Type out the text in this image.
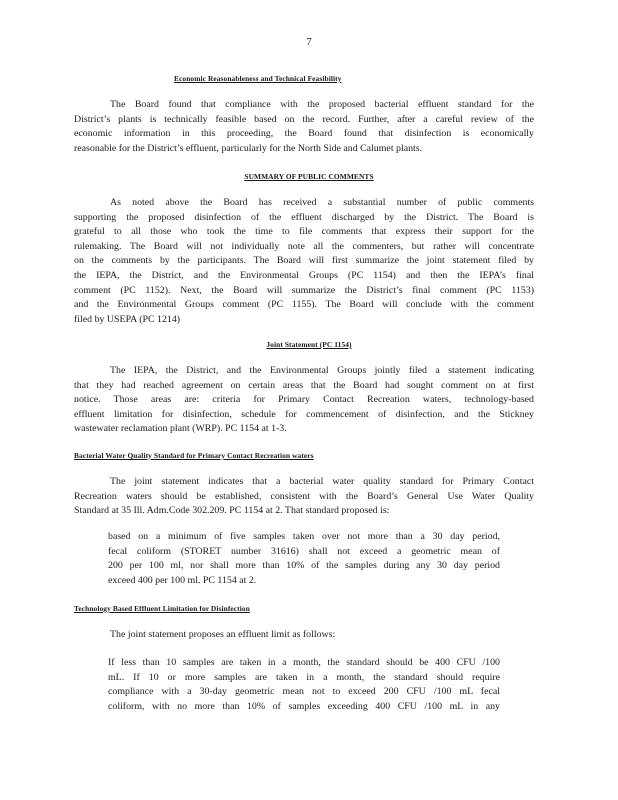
7
Economic Reasonableness and Technical Feasibility
The Board found that compliance with the proposed bacterial effluent standard for the
District’s plants is technically feasible based on the record. Further, after a careful review of the
economic information in this proceeding, the Board found that disinfection is economically
reasonable for the District’s effluent, particularly for the North Side and Calumet plants.
SUMMARY OF PUBLIC COMMENTS
As noted above the Board has received a substantial number of public comments
supporting the proposed disinfection of the effluent discharged by the District. The Board is
grateful to all those who took the time to file comments that express their support for the
rulemaking. The Board will not individually note all the commenters, but rather will concentrate
on the comments by the participants. The Board will first summarize the joint statement filed by
the IEPA, the District, and the Environmental Groups (PC 1154) and then the IEPA’s final
comment (PC 1152). Next, the Board will summarize the District’s final comment (PC 1153)
and the Environmental Groups comment (PC 1155). The Board will conclude with the comment
filed by USEPA (PC 1214)
Joint Statement (PC 1154)
The IEPA, the District, and the Environmental Groups jointly filed a statement indicating
that they had reached agreement on certain areas that the Board had sought comment on at first
notice. Those areas are: criteria for Primary Contact Recreation waters, technology-based
effluent limitation for disinfection, schedule for commencement of disinfection, and the Stickney
wastewater reclamation plant (WRP). PC 1154 at 1-3.
Bacterial Water Quality Standard for Primary Contact Recreation waters
The joint statement indicates that a bacterial water quality standard for Primary Contact
Recreation waters should be established, consistent with the Board’s General Use Water Quality
Standard at 35 Ill. Adm.Code 302.209. PC 1154 at 2. That standard proposed is:
based on a minimum of five samples taken over not more than a 30 day period,
fecal coliform (STORET number 31616) shall not exceed a geometric mean of
200 per 100 ml, nor shall more than 10% of the samples during any 30 day period
exceed 400 per 100 ml. PC 1154 at 2.
Technology Based Effluent Limitation for Disinfection
The joint statement proposes an effluent limit as follows:
If less than 10 samples are taken in a month, the standard should be 400 CFU /100
mL. If 10 or more samples are taken in a month, the standard should require
compliance with a 30-day geometric mean not to exceed 200 CFU /100 mL fecal
coliform, with no more than 10% of samples exceeding 400 CFU /100 mL in any
